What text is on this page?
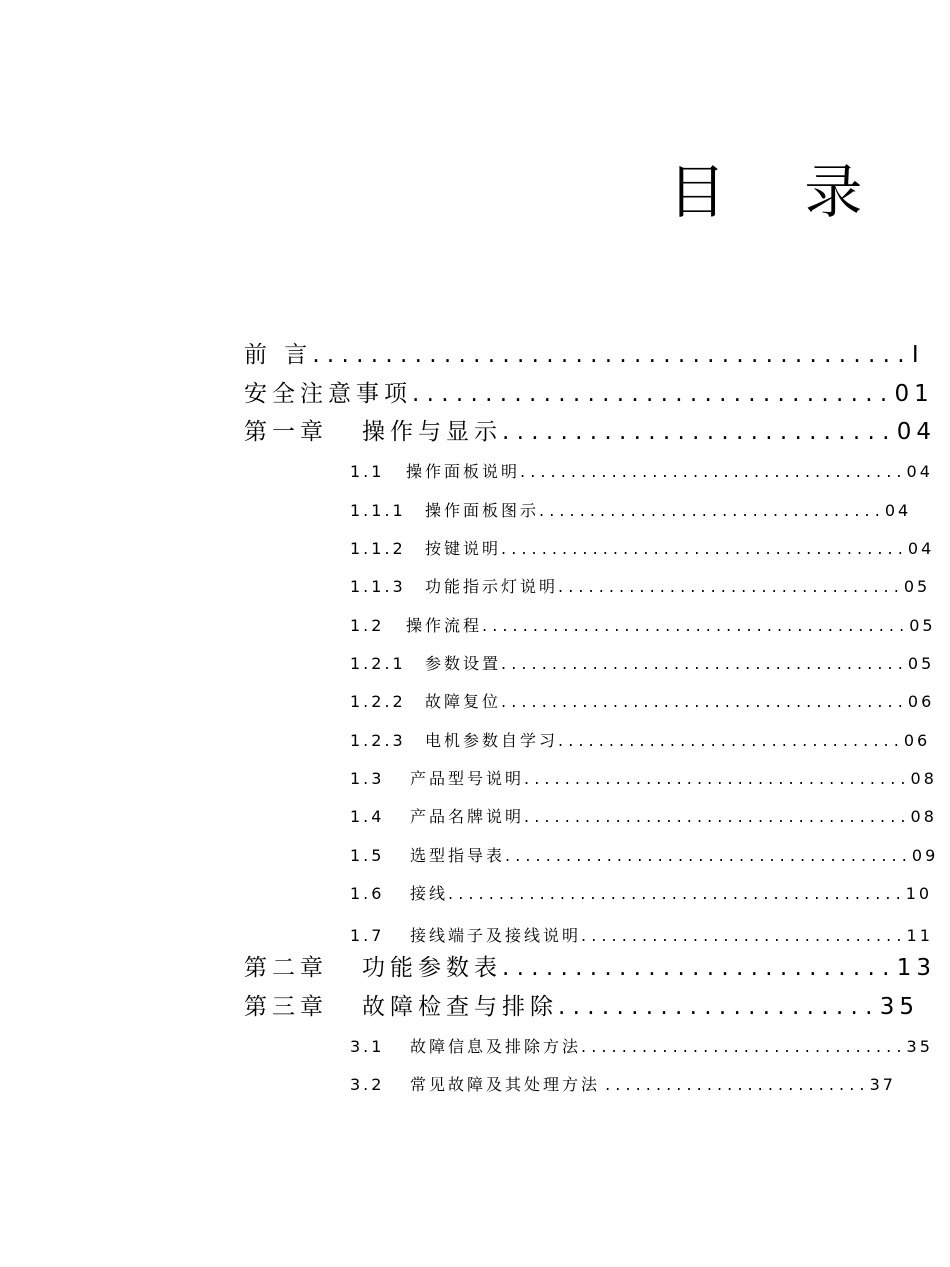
目 录
前 言. . . . . . . . . . . . . . . . . . . . . . . . . . . . . . . . . . . . . . . . . I
安全注意事项. . . . . . . . . . . . . . . . . . . . . . . . . . . . . . . . . 01
第一章 操作与显示. . . . . . . . . . . . . . . . . . . . . . . . . . . 04
1.1 操作面板说明. . . . . . . . . . . . . . . . . . . . . . . . . . . . . . . . . . . . . . 04
1.1.1 操作面板图示. . . . . . . . . . . . . . . . . . . . . . . . . . . . . . . . . . 04
1.1.2 按键说明. . . . . . . . . . . . . . . . . . . . . . . . . . . . . . . . . . . . . . . . 04
1.1.3 功能指示灯说明. . . . . . . . . . . . . . . . . . . . . . . . . . . . . . . . . . 05
1.2 操作流程. . . . . . . . . . . . . . . . . . . . . . . . . . . . . . . . . . . . . . . . . . 05
1.2.1 参数设置. . . . . . . . . . . . . . . . . . . . . . . . . . . . . . . . . . . . . . . . 05
1.2.2 故障复位. . . . . . . . . . . . . . . . . . . . . . . . . . . . . . . . . . . . . . . . 06
1.2.3 电机参数自学习. . . . . . . . . . . . . . . . . . . . . . . . . . . . . . . . . . 06
1.3 产品型号说明. . . . . . . . . . . . . . . . . . . . . . . . . . . . . . . . . . . . . . 08
1.4 产品名牌说明. . . . . . . . . . . . . . . . . . . . . . . . . . . . . . . . . . . . . . 08
1.5 选型指导表. . . . . . . . . . . . . . . . . . . . . . . . . . . . . . . . . . . . . . . . 09
1.6 接线. . . . . . . . . . . . . . . . . . . . . . . . . . . . . . . . . . . . . . . . . . . . . 10
1.7 接线端子及接线说明. . . . . . . . . . . . . . . . . . . . . . . . . . . . . . . . 11
第二章 功能参数表. . . . . . . . . . . . . . . . . . . . . . . . . . . 13
第三章 故障检查与排除. . . . . . . . . . . . . . . . . . . . . . 35
3.1 故障信息及排除方法. . . . . . . . . . . . . . . . . . . . . . . . . . . . . . . . 35
3.2 常见故障及其处理方法 . . . . . . . . . . . . . . . . . . . . . . . . . . 37
